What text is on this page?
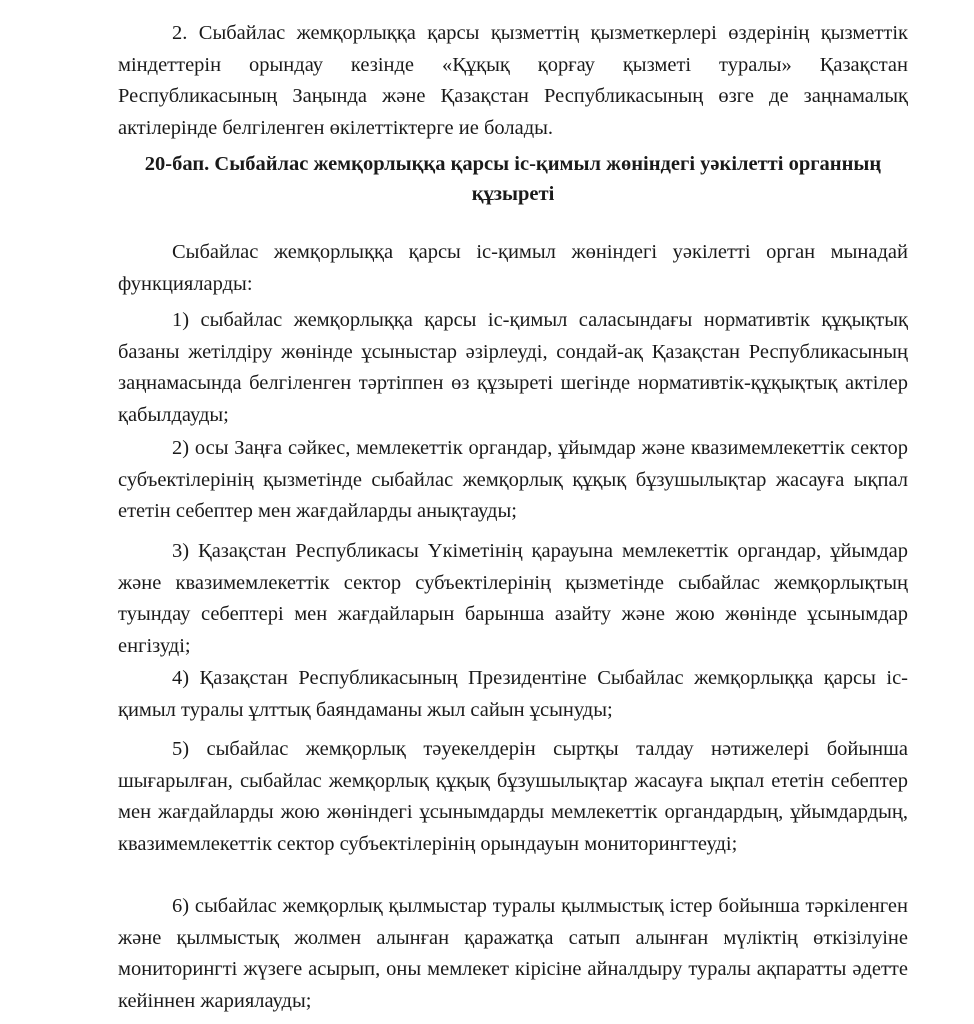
2. Сыбайлас жемқорлыққа қарсы қызметтің қызметкерлері өздерінің қызметтік міндеттерін орындау кезінде «Құқық қорғау қызметі туралы» Қазақстан Республикасының Заңында және Қазақстан Республикасының өзге де заңнамалық актілерінде белгіленген өкілеттіктерге ие болады.

20-бап. Сыбайлас жемқорлыққа қарсы іс-қимыл жөніндегі уәкілетті органның құзыреті

Сыбайлас жемқорлыққа қарсы іс-қимыл жөніндегі уәкілетті орган мынадай функцияларды:

1) сыбайлас жемқорлыққа қарсы іс-қимыл саласындағы нормативтік құқықтық базаны жетілдіру жөнінде ұсыныстар әзірлеуді, сондай-ақ Қазақстан Республикасының заңнамасында белгіленген тәртіппен өз құзыреті шегінде нормативтік-құқықтық актілер қабылдауды;

2) осы Заңға сәйкес, мемлекеттік органдар, ұйымдар және квазимемлекеттік сектор субъектілерінің қызметінде сыбайлас жемқорлық құқық бұзушылықтар жасауға ықпал ететін себептер мен жағдайларды анықтауды;

3) Қазақстан Республикасы Үкіметінің қарауына мемлекеттік органдар, ұйымдар және квазимемлекеттік сектор субъектілерінің қызметінде сыбайлас жемқорлықтың туындау себептері мен жағдайларын барынша азайту және жою жөнінде ұсынымдар енгізуді;

4) Қазақстан Республикасының Президентіне Сыбайлас жемқорлыққа қарсы іс-қимыл туралы ұлттық баяндаманы жыл сайын ұсынуды;

5) сыбайлас жемқорлық тәуекелдерін сыртқы талдау нәтижелері бойынша шығарылған, сыбайлас жемқорлық құқық бұзушылықтар жасауға ықпал ететін себептер мен жағдайларды жою жөніндегі ұсынымдарды мемлекеттік органдардың, ұйымдардың, квазимемлекеттік сектор субъектілерінің орындауын мониторингтеуді;

6) сыбайлас жемқорлық қылмыстар туралы қылмыстық істер бойынша тәркіленген және қылмыстық жолмен алынған қаражатқа сатып алынған мүліктің өткізілуіне мониторингті жүзеге асырып, оны мемлекет кірісіне айналдыру туралы ақпаратты әдетте кейіннен жариялауды;
